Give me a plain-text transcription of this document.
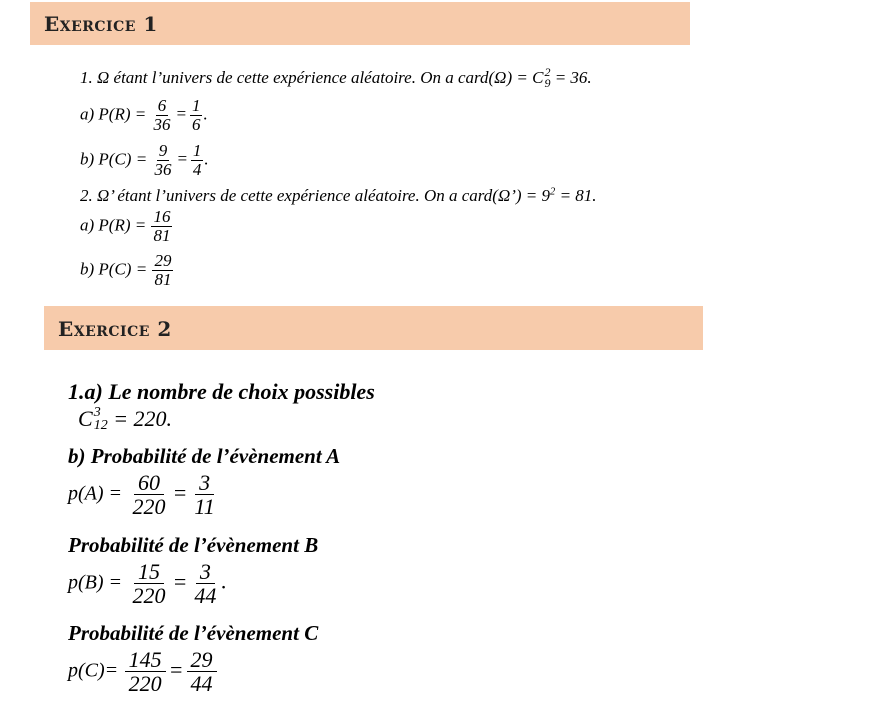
Exercice 1
1. Ω étant l’univers de cette expérience aléatoire. On a card(Ω) = C 2
9 = 36.
a) $P(R) = \frac{6}{36} = \frac{1}{6}$ .
b) $P(C) = \frac{9}{36} = \frac{1}{4}$ .
2. Ω’ étant l’univers de cette expérience aléatoire. On a card(Ω’) = $9^2 = 81$.
a) $P(R) = \frac{16}{81}$
b) $P(C) = \frac{29}{81}$
Exercice 2
1.a) Le nombre de choix possibles
C 3
12 = 220.
b) Probabilité de l’évènement A
$p(A) = \frac{60}{220} = \frac{3}{11}$
Probabilité de l’évènement B
$p(B) = \frac{15}{220} = \frac{3}{44}$ .
Probabilité de l’évènement C
$p(C)= \frac{145}{220} = \frac{29}{44}$
